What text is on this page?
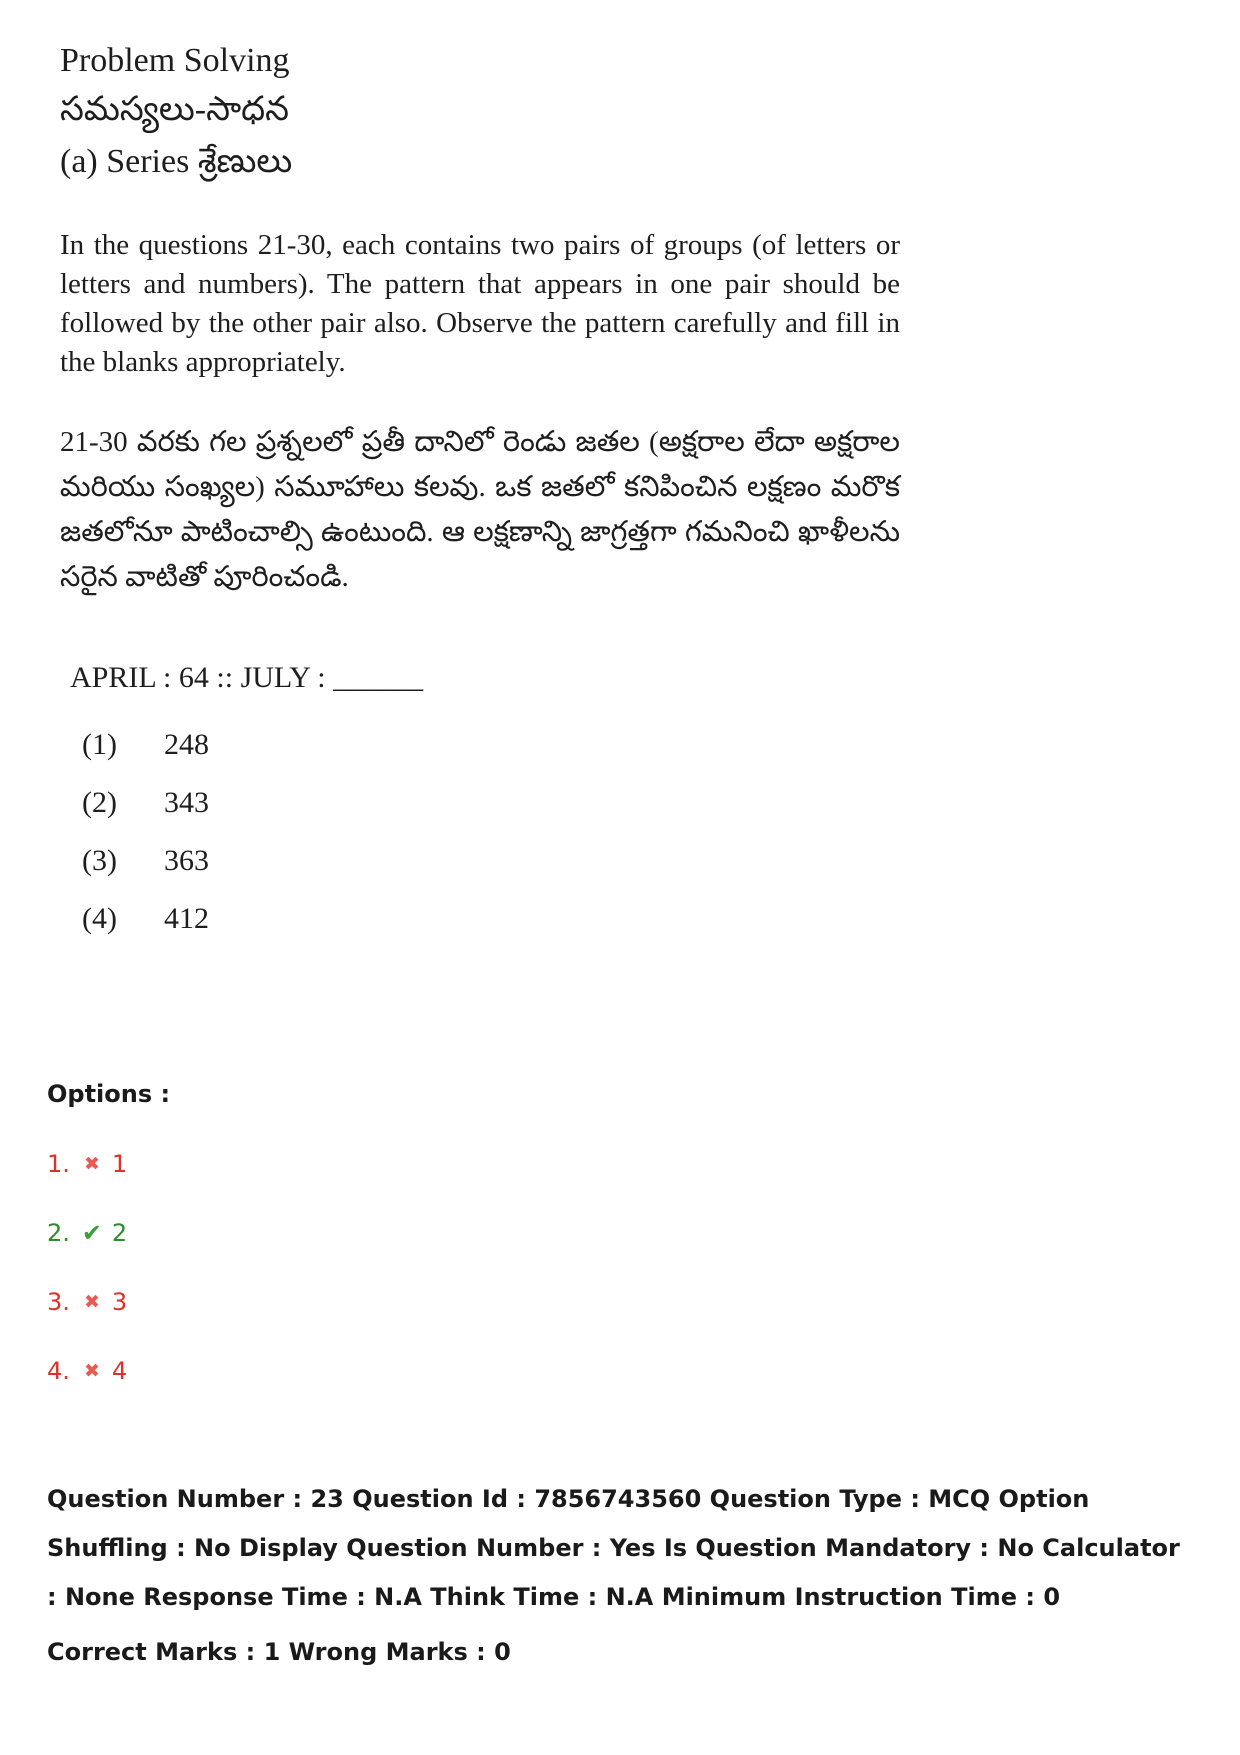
Problem Solving
సమస్యలు-సాధన
(a) Series శ్రేణులు
In the questions 21-30, each contains two pairs of groups (of letters or letters and numbers). The pattern that appears in one pair should be followed by the other pair also. Observe the pattern carefully and fill in the blanks appropriately.
21-30 వరకు గల ప్రశ్నలలో ప్రతీ దానిలో రెండు జతల (అక్షరాల లేదా అక్షరాల మరియు సంఖ్యల) సమూహాలు కలవు. ఒక జతలో కనిపించిన లక్షణం మరొక జతలోనూ పాటించాల్సి ఉంటుంది. ఆ లక్షణాన్ని జాగ్రత్తగా గమనించి ఖాళీలను సరైన వాటితో పూరించండి.
APRIL : 64 :: JULY : ______
(1)	248
(2)	343
(3)	363
(4)	412
Options :
1. ✖ 1
2. ✔ 2
3. ✖ 3
4. ✖ 4
Question Number : 23 Question Id : 7856743560 Question Type : MCQ Option Shuffling : No Display Question Number : Yes Is Question Mandatory : No Calculator : None Response Time : N.A Think Time : N.A Minimum Instruction Time : 0
Correct Marks : 1 Wrong Marks : 0
